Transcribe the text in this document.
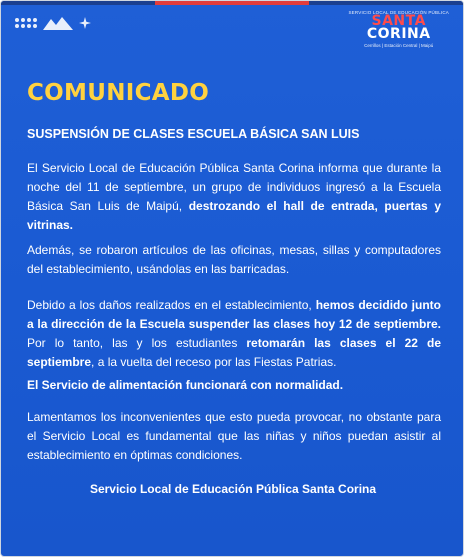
SERVICIO LOCAL DE EDUCACIÓN PÚBLICA
SANTA
CORINA
Cerrillos | Estación Central | Maipú
COMUNICADO
SUSPENSIÓN DE CLASES ESCUELA BÁSICA SAN LUIS
El Servicio Local de Educación Pública Santa Corina informa que durante la noche del 11 de septiembre, un grupo de individuos ingresó a la Escuela Básica San Luis de Maipú, destrozando el hall de entrada, puertas y vitrinas.
Además, se robaron artículos de las oficinas, mesas, sillas y computadores del establecimiento, usándolas en las barricadas.
Debido a los daños realizados en el establecimiento, hemos decidido junto a la dirección de la Escuela suspender las clases hoy 12 de septiembre. Por lo tanto, las y los estudiantes retomarán las clases el 22 de septiembre, a la vuelta del receso por las Fiestas Patrias.
El Servicio de alimentación funcionará con normalidad.
Lamentamos los inconvenientes que esto pueda provocar, no obstante para el Servicio Local es fundamental que las niñas y niños puedan asistir al establecimiento en óptimas condiciones.
Servicio Local de Educación Pública Santa Corina
